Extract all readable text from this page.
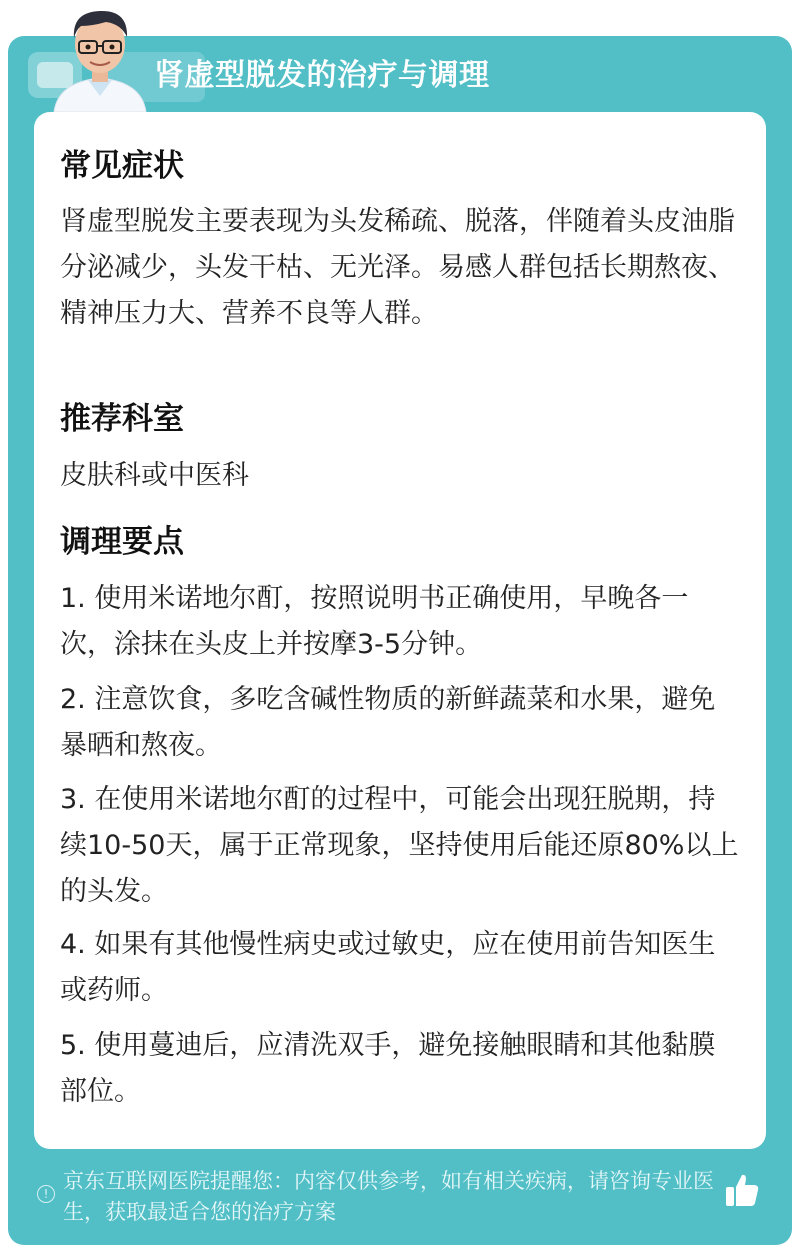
肾虚型脱发的治疗与调理
常见症状
肾虚型脱发主要表现为头发稀疏、脱落，伴随着头皮油脂分泌减少，头发干枯、无光泽。易感人群包括长期熬夜、精神压力大、营养不良等人群。
推荐科室
皮肤科或中医科
调理要点
1. 使用米诺地尔酊，按照说明书正确使用，早晚各一次，涂抹在头皮上并按摩3-5分钟。
2. 注意饮食，多吃含碱性物质的新鲜蔬菜和水果，避免暴晒和熬夜。
3. 在使用米诺地尔酊的过程中，可能会出现狂脱期，持续10-50天，属于正常现象，坚持使用后能还原80%以上的头发。
4. 如果有其他慢性病史或过敏史，应在使用前告知医生或药师。
5. 使用蔓迪后，应清洗双手，避免接触眼睛和其他黏膜部位。
!
京东互联网医院提醒您：内容仅供参考，如有相关疾病，请咨询专业医生，获取最适合您的治疗方案
